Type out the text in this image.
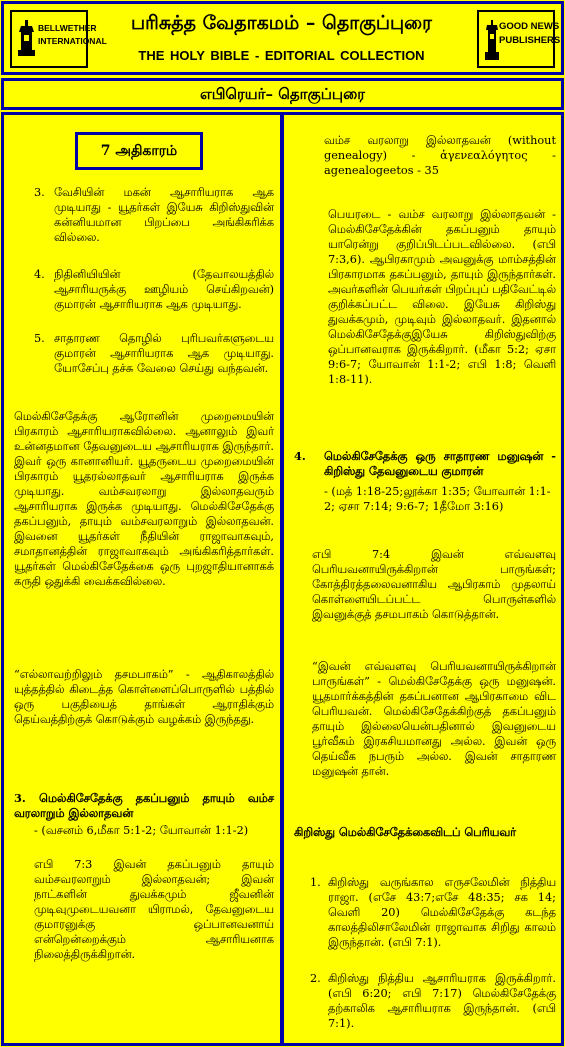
BELLWETHER
INTERNATIONAL
பரிசுத்த வேதாகமம் – தொகுப்புரை
THE HOLY BIBLE - EDITORIAL COLLECTION
GOOD NEWS
PUBLISHERS
எபிரெயர்– தொகுப்புரை
7 அதிகாரம்
3. வேசியின் மகன் ஆசாரியராக ஆக முடியாது - யூதர்கள் இயேசு கிறிஸ்துவின் கன்னியமான பிறப்பை அங்கிகரிக்க வில்லை.
4. நிதினியியின் (தேவாலயத்தில் ஆசாரியருக்கு ஊழியம் செய்கிறவன்) குமாரன் ஆசாரியராக ஆக முடியாது.
5. சாதாரண தொழில் புரிபவர்களுடைய குமாரன் ஆசாரியராக ஆக முடியாது. யோசேப்பு தச்சு வேலை செய்து வந்தவன்.
மெல்கிசேதேக்கு ஆரோனின் முறைமையின் பிரகாரம் ஆசாரியராகவில்லை. ஆனாலும் இவர் உன்னதமான தேவனுடைய ஆசாரியராக இருந்தார். இவர் ஒரு கானானியர். யூதருடைய முறைமையின் பிரகாரம் யூதரல்லாதவர் ஆசாரியராக இருக்க முடியாது. வம்சவரலாறு இல்லாதவரும் ஆசாரியராக இருக்க முடியாது. மெல்கிசேதேக்கு தகப்பனும், தாயும் வம்சவரலாறும் இல்லாதவன். இவனை யூதர்கள் நீதியின் ராஜாவாகவும், சமாதானத்தின் ராஜாவாகவும் அங்கிகரித்தார்கள். யூதர்கள் மெல்கிசேதேக்கை ஒரு புறஜாதியானாகக் கருதி ஒதுக்கி வைக்கவில்லை.
“எல்லாவற்றிலும் தசமபாகம்” - ஆதிகாலத்தில் யுத்தத்தில் கிடைத்த கொள்ளைப்பொருளில் பத்தில் ஒரு பகுதியைத் தாங்கள் ஆராதிக்கும் தெய்வத்திற்குக் கொடுக்கும் வழக்கம் இருந்தது.
3. மெல்கிசேதேக்கு தகப்பனும் தாயும் வம்ச வரலாறும் இல்லாதவன்
- (வசனம் 6,மீகா 5:1-2; யோவான் 1:1-2)
எபி 7:3 இவன் தகப்பனும் தாயும் வம்சவரலாறும் இல்லாதவன்; இவன் நாட்களின் துவக்கமும் ஜீவனின் முடிவுமுடையவனா யிராமல், தேவனுடைய குமாரனுக்கு ஒப்பானவனாய் என்றென்றைக்கும் ஆசாரியனாக நிலைத்திருக்கிறான்.
வம்ச வரலாறு இல்லாதவன் (without genealogy) - ἀγενεαλόγητος - agenealogeetos - 35
பெயரடை - வம்ச வரலாறு இல்லாதவன் - மெல்கிசேதேக்கின் தகப்பனும் தாயும் யாரென்று குறிப்பிடப்படவில்லை. (எபி 7:3,6). ஆபிரகாமும் அவனுக்கு மாம்சத்தின் பிரகாரமாக தகப்பனும், தாயும் இருந்தார்கள். அவர்களின் பெயர்கள் பிறப்புப் பதிவேட்டில் குறிக்கப்பட்ட விலை. இயேசு கிறிஸ்து துவக்கமும், முடிவும் இல்லாதவர். இதனால் மெல்கிசேதேக்குஇயேசு கிறிஸ்துவிற்கு ஒப்பானவராக இருக்கிறார். (மீகா 5:2; ஏசா 9:6-7; யோவான் 1:1-2; எபி 1:8; வெளி 1:8-11).
4. மெல்கிசேதேக்கு ஒரு சாதாரண மனுஷன் - கிறிஸ்து தேவனுடைய குமாரன்
- (மத் 1:18-25;லூக்கா 1:35; யோவான் 1:1-2; ஏசா 7:14; 9:6-7; 1தீமோ 3:16)
எபி 7:4 இவன் எவ்வளவு பெரியவனாயிருக்கிறான் பாருங்கள்; கோத்திரத்தலைவனாகிய ஆபிரகாம் முதலாய் கொள்ளையிடப்பட்ட பொருள்களில் இவனுக்குத் தசமபாகம் கொடுத்தான்.
“இவன் எவ்வளவு பெரியவனாயிருக்கிறான் பாருங்கள்” - மெல்கிசேதேக்கு ஒரு மனுஷன். யூதமார்க்கத்தின் தகப்பனான ஆபிரகாமை விட பெரியவன். மெல்கிசேதேக்கிற்குத் தகப்பனும் தாயும் இல்லையென்பதினால் இவனுடைய பூர்வீகம் இரகசியமானது அல்ல. இவன் ஒரு தெய்வீக நபரும் அல்ல. இவன் சாதாரண மனுஷன் தான்.
கிறிஸ்து மெல்கிசேதேக்கைவிடப் பெரியவர்
1. கிறிஸ்து வருங்கால எருசலேமின் நித்திய ராஜா. (எசே 43:7;எசே 48:35; சக 14; வெளி 20) மெல்கிசேதேக்கு கடந்த காலத்திலிசாலேமின் ராஜாவாக சிறிது காலம் இருந்தான். (எபி 7:1).
2. கிறிஸ்து நித்திய ஆசாரியராக இருக்கிறார். (எபி 6:20; எபி 7:17) மெல்கிசேதேக்கு தற்காலிக ஆசாரியராக இருந்தான். (எபி 7:1).
